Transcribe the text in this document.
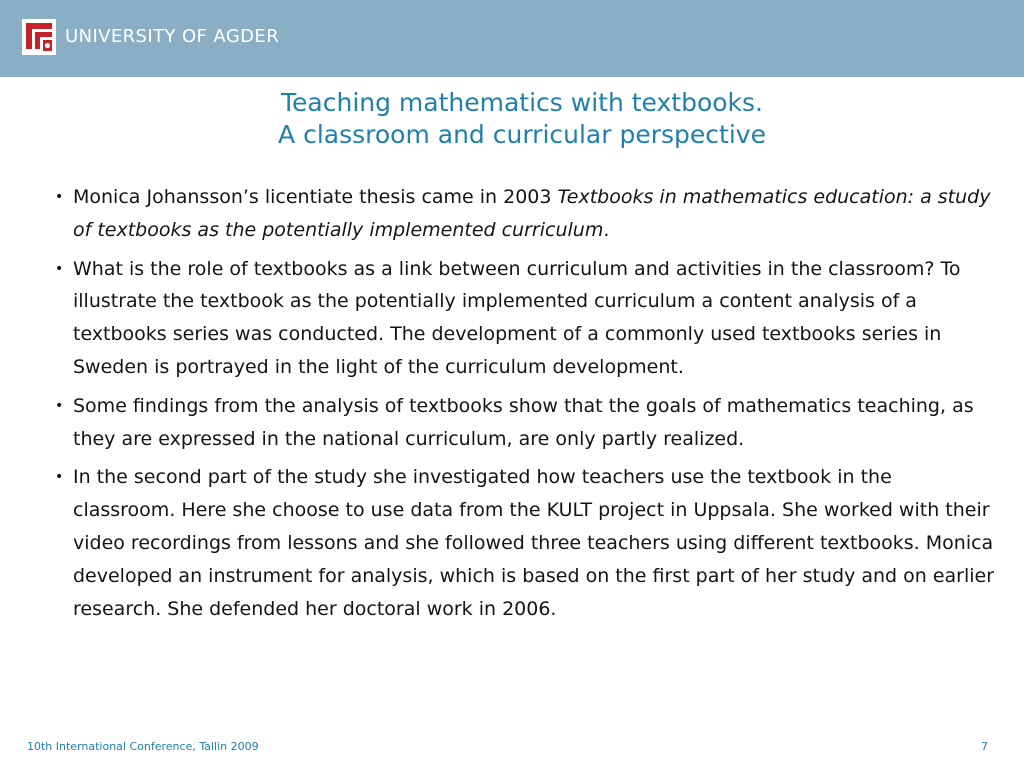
UNIVERSITY OF AGDER
Teaching mathematics with textbooks.
A classroom and curricular perspective
• Monica Johansson’s licentiate thesis came in 2003 Textbooks in mathematics education: a study of textbooks as the potentially implemented curriculum.
• What is the role of textbooks as a link between curriculum and activities in the classroom? To illustrate the textbook as the potentially implemented curriculum a content analysis of a textbooks series was conducted. The development of a commonly used textbooks series in Sweden is portrayed in the light of the curriculum development.
• Some findings from the analysis of textbooks show that the goals of mathematics teaching, as they are expressed in the national curriculum, are only partly realized.
• In the second part of the study she investigated how teachers use the textbook in the classroom. Here she choose to use data from the KULT project in Uppsala. She worked with their video recordings from lessons and she followed three teachers using different textbooks. Monica developed an instrument for analysis, which is based on the first part of her study and on earlier research. She defended her doctoral work in 2006.
10th International Conference, Tallin 2009	7
